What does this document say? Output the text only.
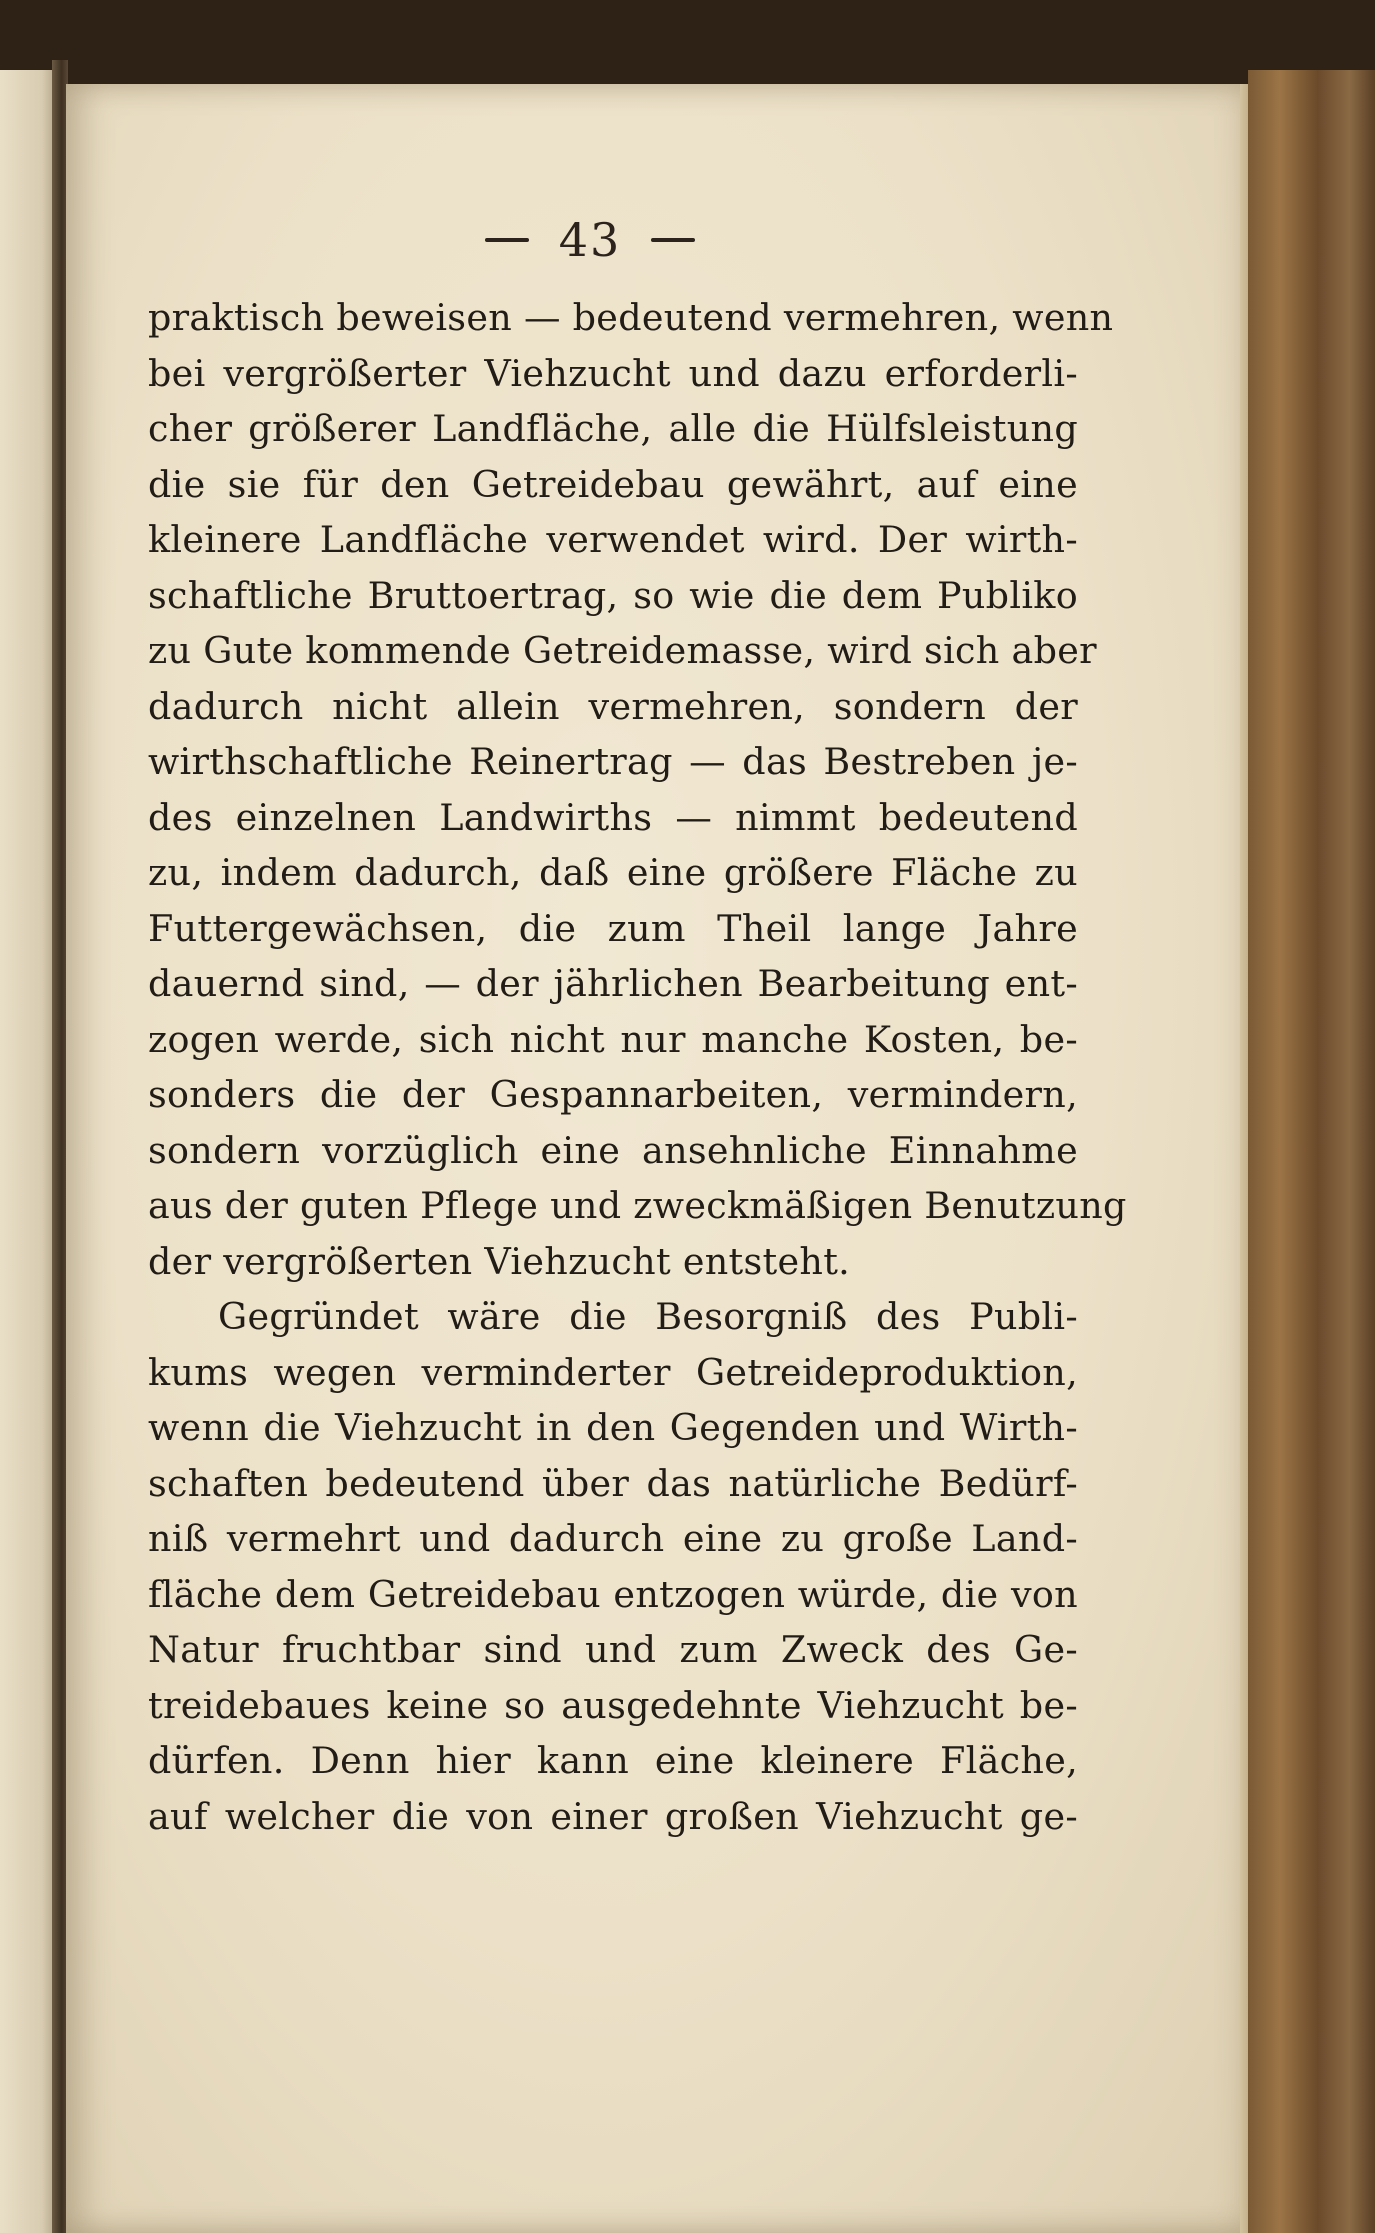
43
praktisch beweisen — bedeutend vermehren, wenn
bei vergrößerter Viehzucht und dazu erforderli-
cher größerer Landfläche, alle die Hülfsleistung
die sie für den Getreidebau gewährt, auf eine
kleinere Landfläche verwendet wird. Der wirth-
schaftliche Bruttoertrag, so wie die dem Publiko
zu Gute kommende Getreidemasse, wird sich aber
dadurch nicht allein vermehren, sondern der
wirthschaftliche Reinertrag — das Bestreben je-
des einzelnen Landwirths — nimmt bedeutend
zu, indem dadurch, daß eine größere Fläche zu
Futtergewächsen, die zum Theil lange Jahre
dauernd sind, — der jährlichen Bearbeitung ent-
zogen werde, sich nicht nur manche Kosten, be-
sonders die der Gespannarbeiten, vermindern,
sondern vorzüglich eine ansehnliche Einnahme
aus der guten Pflege und zweckmäßigen Benutzung
der vergrößerten Viehzucht entsteht.
Gegründet wäre die Besorgniß des Publi-
kums wegen verminderter Getreideproduktion,
wenn die Viehzucht in den Gegenden und Wirth-
schaften bedeutend über das natürliche Bedürf-
niß vermehrt und dadurch eine zu große Land-
fläche dem Getreidebau entzogen würde, die von
Natur fruchtbar sind und zum Zweck des Ge-
treidebaues keine so ausgedehnte Viehzucht be-
dürfen. Denn hier kann eine kleinere Fläche,
auf welcher die von einer großen Viehzucht ge-
